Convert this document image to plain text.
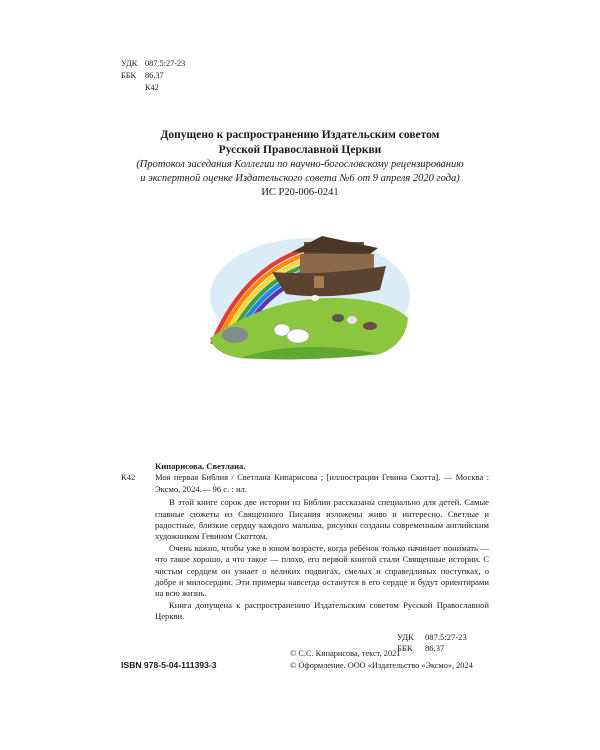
УДК 087.5:27-23
ББК	86.37
К42
Допущено к распространению Издательским советом
Русской Православной Церкви
(Протокол заседания Коллегии по научно-богословскому рецензированию
и экспертной оценке Издательского совета №6 от 9 апреля 2020 года)
ИС Р20-006-0241
Кипарисова, Светлана.
К42	Моя первая Библия / Светлана Кипарисова ; [иллюстрации Гевина Скотта]. — Москва : Эксмо, 2024.— 96 с. : ил.

В этой книге сорок две истории из Библии рассказаны специально для детей. Самые главные сюжеты из Священного Писания изложены живо и интересно. Светлые и радостные, близкие сердцу каждого малыша, рисунки созданы современным английским художником Гевином Скоттом.

Очень важно, чтобы уже в юном возрасте, когда ребёнок только начинает понимать — что такое хорошо, а что такое — плохо, его первой книгой стали Священные истории. С чистым сердцем он узнает о великих подвигах, смелых и справедливых поступках, о добре и милосердии. Эти примеры навсегда останутся в его сердце и будут ориентирами на всю жизнь.

Книга допущена к распространению Издательским советом Русской Православной Церкви.

УДК	087.5:27-23
ББК	86.37
ISBN 978-5-04-111393-3
© С.С. Кипарисова, текст, 2021
© Оформление. ООО «Издательство «Эксмо», 2024
